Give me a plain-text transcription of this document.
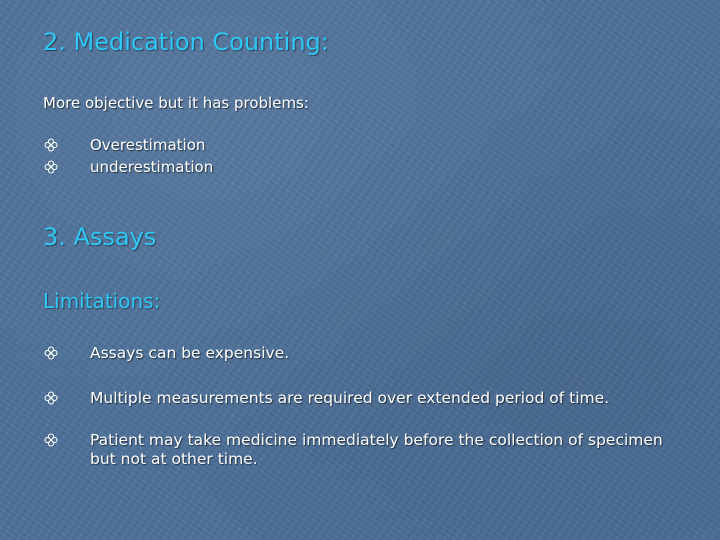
2. Medication Counting:
More objective but it has problems:
Overestimation
underestimation
3. Assays
Limitations:
Assays can be expensive.
Multiple measurements are required over extended period of time.
Patient may take medicine immediately before the collection of specimen but not at other time.
